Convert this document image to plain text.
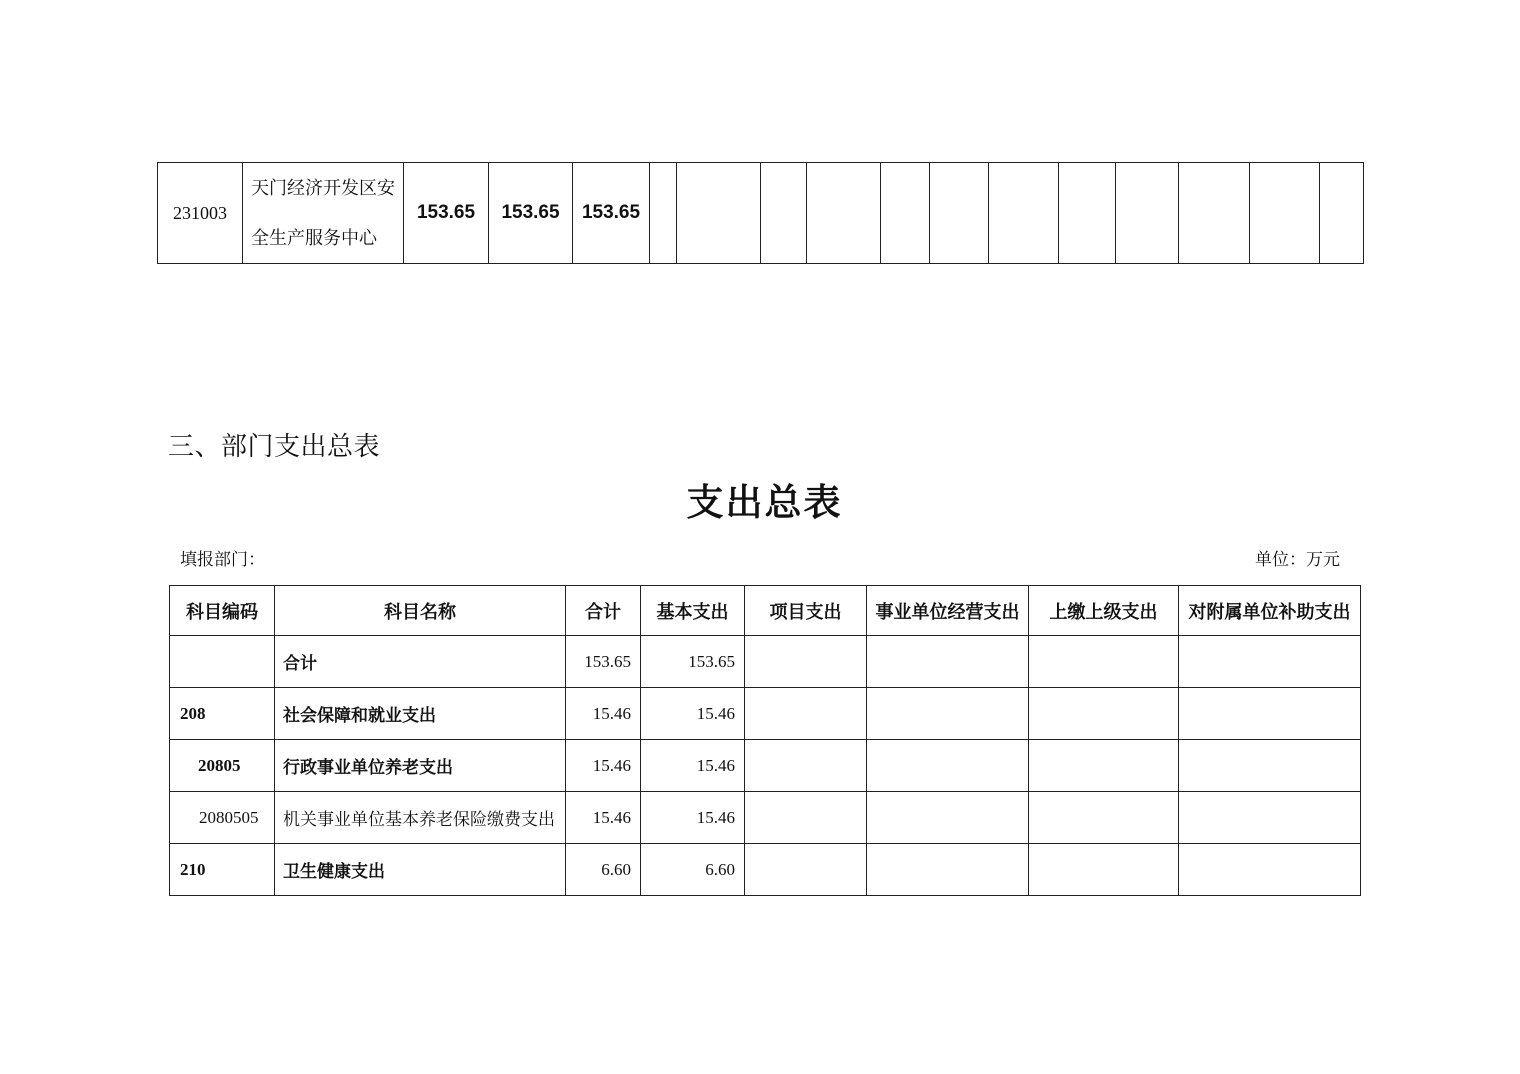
231003	天门经济开发区安全生产服务中心	153.65	153.65	153.65												
三、部门支出总表
支出总表
填报部门：	单位：万元
科目编码	科目名称	合计	基本支出	项目支出	事业单位经营支出	上缴上级支出	对附属单位补助支出
	合计	153.65	153.65				
208	社会保障和就业支出	15.46	15.46				
20805	行政事业单位养老支出	15.46	15.46				
2080505	机关事业单位基本养老保险缴费支出	15.46	15.46				
210	卫生健康支出	6.60	6.60				
